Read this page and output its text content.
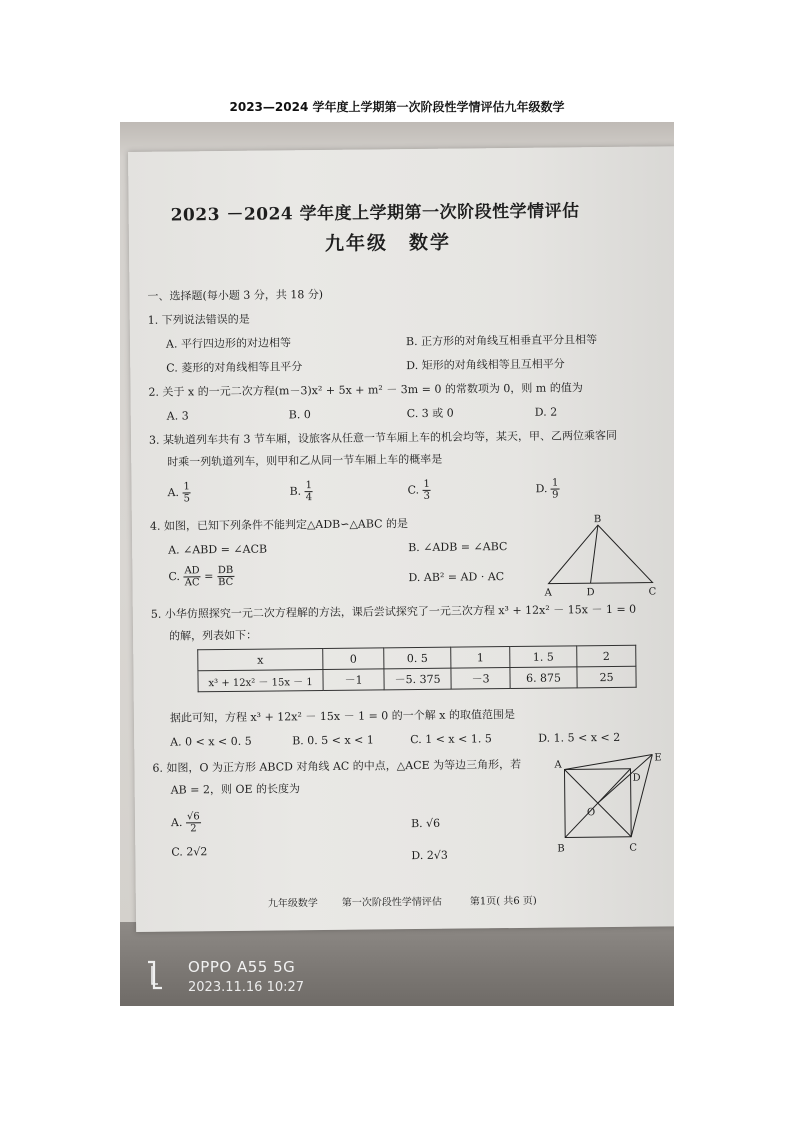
2023—2024 学年度上学期第一次阶段性学情评估九年级数学
2023 －2024 学年度上学期第一次阶段性学情评估
九年级　数学
一、选择题(每小题 3 分，共 18 分)
1. 下列说法错误的是
A. 平行四边形的对边相等	B. 正方形的对角线互相垂直平分且相等
C. 菱形的对角线相等且平分	D. 矩形的对角线相等且互相平分
2. 关于 x 的一元二次方程(m－3)x² + 5x + m² － 3m = 0 的常数项为 0，则 m 的值为
A. 3	B. 0	C. 3 或 0	D. 2
3. 某轨道列车共有 3 节车厢，设旅客从任意一节车厢上车的机会均等，某天，甲、乙两位乘客同
时乘一列轨道列车，则甲和乙从同一节车厢上车的概率是
A. $\frac{1}{5}$	B. $\frac{1}{4}$	C. $\frac{1}{3}$	D. $\frac{1}{9}$
4. 如图，已知下列条件不能判定△ADB∽△ABC 的是
A. ∠ABD = ∠ACB	B. ∠ADB = ∠ABC
C. $\frac{AD}{AC} = \frac{DB}{BC}$	D. AB² = AD · AC
B
A	D	C
5. 小华仿照探究一元二次方程解的方法，课后尝试探究了一元三次方程 x³ + 12x² － 15x － 1 = 0
的解，列表如下：
x	0	0. 5	1	1. 5	2
x³ + 12x² － 15x － 1	－1	－5. 375	－3	6. 875	25
据此可知，方程 x³ + 12x² － 15x － 1 = 0 的一个解 x 的取值范围是
A. 0 < x < 0. 5	B. 0. 5 < x < 1	C. 1 < x < 1. 5	D. 1. 5 < x < 2
6. 如图，O 为正方形 ABCD 对角线 AC 的中点，△ACE 为等边三角形，若
AB = 2，则 OE 的长度为
A. $\frac{√6}{2}$	B. √6
C. 2√2	D. 2√3
A
E
D
O
B	C
九年级数学 第一次阶段性学情评估	第1页( 共6 页)
OPPO A55 5G
2023.11.16 10:27
